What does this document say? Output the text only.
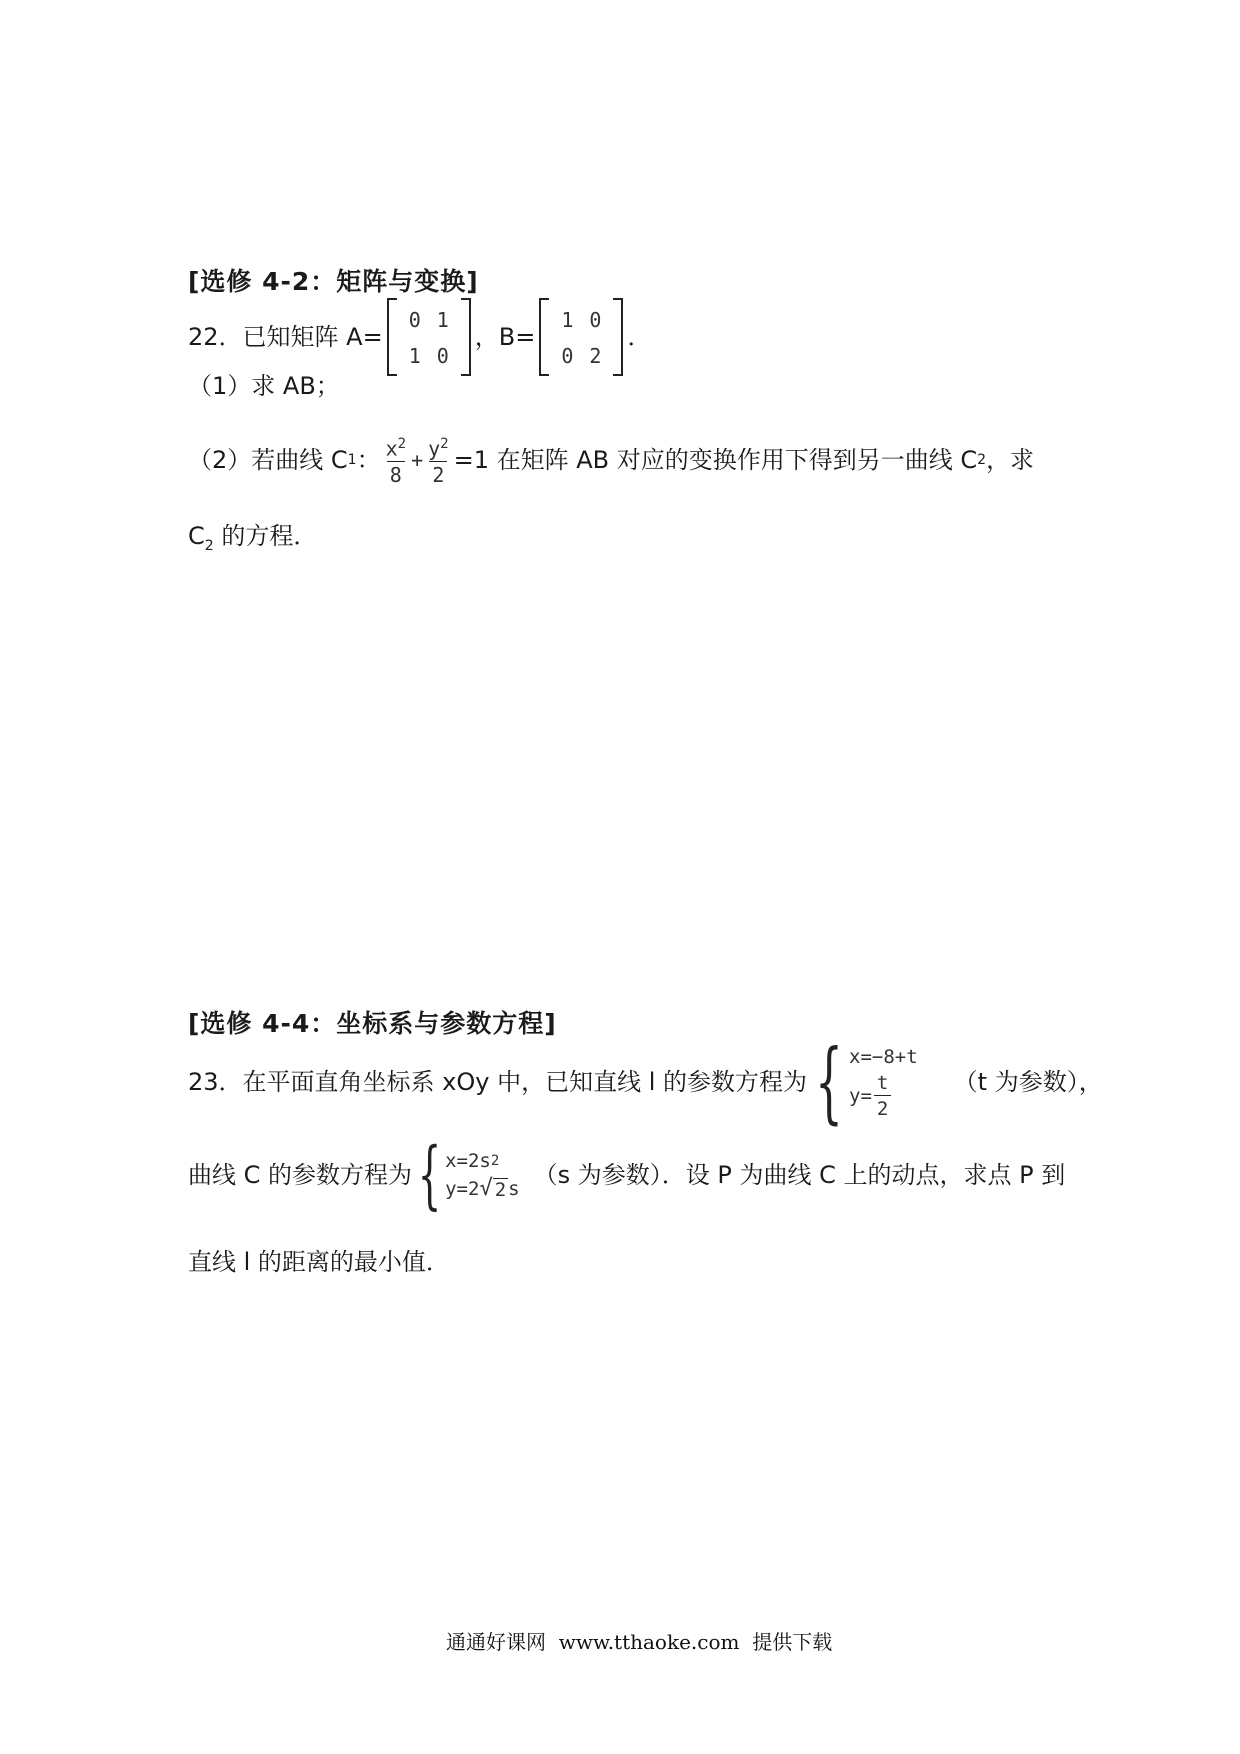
[选修 4-2：矩阵与变换]
22． 已知矩阵 A=
0	1
1	0
，B=
1	0
0	2
．
（1）求 AB；
（2）若曲线 C 1 ： $\frac{x^2}{8} + \frac{y^2}{2} =1$ 在矩阵 AB 对应的变换作用下得到另一曲线 C 2 ，求
$C_2$ 的方程．
[选修 4-4：坐标系与参数方程]
23． 在平面直角坐标系 xOy 中，已知直线 l 的参数方程为 { x=−8+t
$y= \frac{t}{2}$	（t 为参数），
曲线 C 的参数方程为 { x=2s 2
y=2 √ 2 s （s 为参数）．设 P 为曲线 C 上的动点，求点 P 到
直线 l 的距离的最小值．
通通好课网  www.tthaoke.com  提供下载
